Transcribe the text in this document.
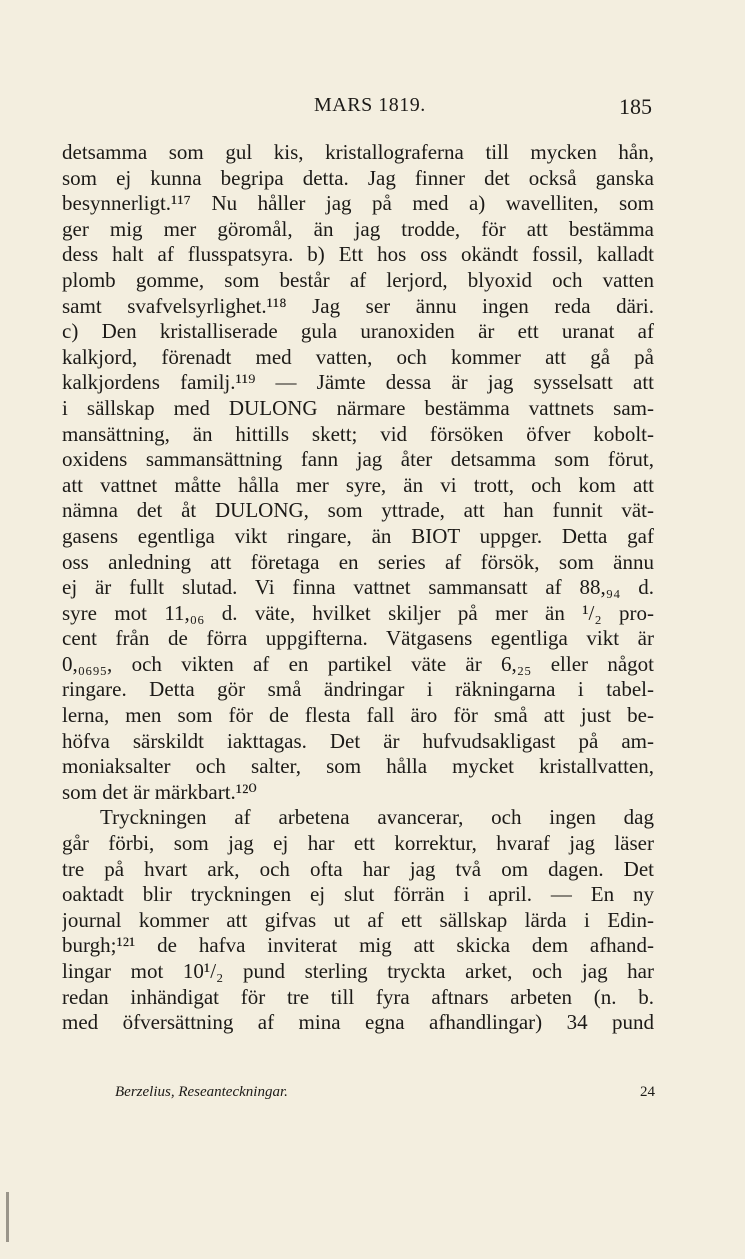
MARS 1819.	185
detsamma som gul kis, kristallograferna till mycken hån,
som ej kunna begripa detta. Jag finner det också ganska
besynnerligt.¹¹⁷ Nu håller jag på med a) wavelliten, som
ger mig mer göromål, än jag trodde, för att bestämma
dess halt af flusspatsyra. b) Ett hos oss okändt fossil, kalladt
plomb gomme, som består af lerjord, blyoxid och vatten
samt svafvelsyrlighet.¹¹⁸ Jag ser ännu ingen reda däri.
c) Den kristalliserade gula uranoxiden är ett uranat af
kalkjord, förenadt med vatten, och kommer att gå på
kalkjordens familj.¹¹⁹ — Jämte dessa är jag sysselsatt att
i sällskap med DULONG närmare bestämma vattnets sam-
mansättning, än hittills skett; vid försöken öfver kobolt-
oxidens sammansättning fann jag åter detsamma som förut,
att vattnet måtte hålla mer syre, än vi trott, och kom att
nämna det åt DULONG, som yttrade, att han funnit vät-
gasens egentliga vikt ringare, än BIOT uppger. Detta gaf
oss anledning att företaga en series af försök, som ännu
ej är fullt slutad. Vi finna vattnet sammansatt af 88,₉₄ d.
syre mot 11,₀₆ d. väte, hvilket skiljer på mer än ¹/₂ pro-
cent från de förra uppgifterna. Vätgasens egentliga vikt är
0,₀₆₉₅, och vikten af en partikel väte är 6,₂₅ eller något
ringare. Detta gör små ändringar i räkningarna i tabel-
lerna, men som för de flesta fall äro för små att just be-
höfva särskildt iakttagas. Det är hufvudsakligast på am-
moniaksalter och salter, som hålla mycket kristallvatten,
som det är märkbart.¹²⁰
Tryckningen af arbetena avancerar, och ingen dag
går förbi, som jag ej har ett korrektur, hvaraf jag läser
tre på hvart ark, och ofta har jag två om dagen. Det
oaktadt blir tryckningen ej slut förrän i april. — En ny
journal kommer att gifvas ut af ett sällskap lärda i Edin-
burgh;¹²¹ de hafva inviterat mig att skicka dem afhand-
lingar mot 10¹/₂ pund sterling tryckta arket, och jag har
redan inhändigat för tre till fyra aftnars arbeten (n. b.
med öfversättning af mina egna afhandlingar) 34 pund
Berzelius, Reseanteckningar.	24
